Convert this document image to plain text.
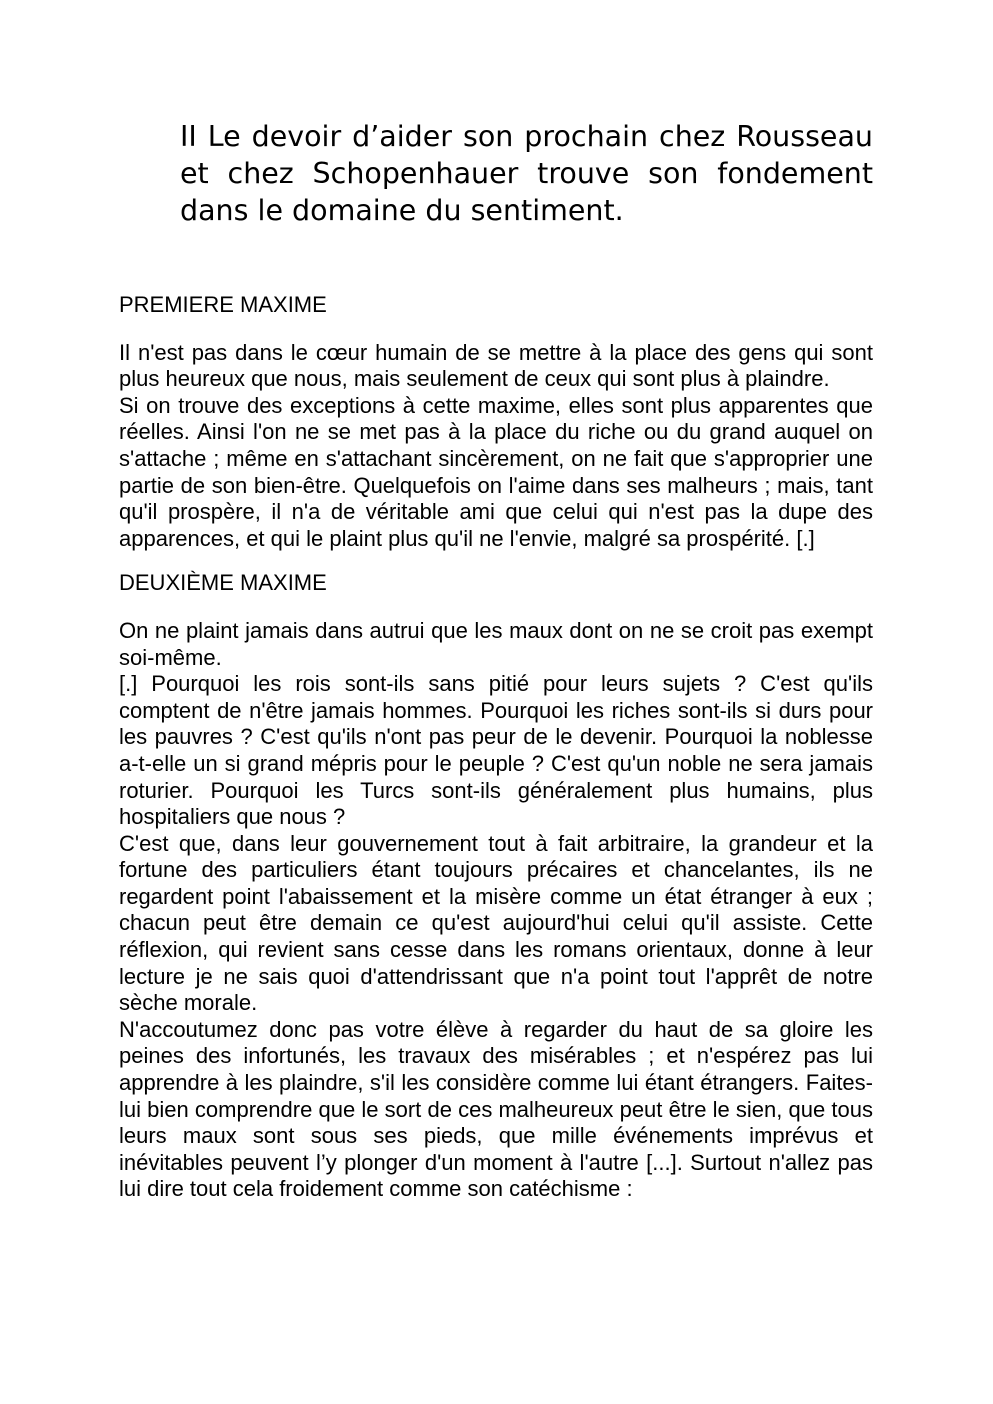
II Le devoir d’aider son prochain chez Rousseau et chez Schopenhauer trouve son fondement dans le domaine du sentiment.
PREMIERE MAXIME

Il n'est pas dans le cœur humain de se mettre à la place des gens qui sont plus heureux que nous, mais seulement de ceux qui sont plus à plaindre.

Si on trouve des exceptions à cette maxime, elles sont plus apparentes que réelles. Ainsi l'on ne se met pas à la place du riche ou du grand auquel on s'attache ; même en s'attachant sincèrement, on ne fait que s'approprier une partie de son bien-être. Quelquefois on l'aime dans ses malheurs ; mais, tant qu'il prospère, il n'a de véritable ami que celui qui n'est pas la dupe des apparences, et qui le plaint plus qu'il ne l'envie, malgré sa prospérité. [.]

DEUXIÈME MAXIME

On ne plaint jamais dans autrui que les maux dont on ne se croit pas exempt soi-même.

[.] Pourquoi les rois sont-ils sans pitié pour leurs sujets ? C'est qu'ils comptent de n'être jamais hommes. Pourquoi les riches sont-ils si durs pour les pauvres ? C'est qu'ils n'ont pas peur de le devenir. Pourquoi la noblesse a-t-elle un si grand mépris pour le peuple ? C'est qu'un noble ne sera jamais roturier. Pourquoi les Turcs sont-ils généralement plus humains, plus hospitaliers que nous ?

C'est que, dans leur gouvernement tout à fait arbitraire, la grandeur et la fortune des particuliers étant toujours précaires et chancelantes, ils ne regardent point l'abaissement et la misère comme un état étranger à eux ; chacun peut être demain ce qu'est aujourd'hui celui qu'il assiste. Cette réflexion, qui revient sans cesse dans les romans orientaux, donne à leur lecture je ne sais quoi d'attendrissant que n'a point tout l'apprêt de notre sèche morale.

N'accoutumez donc pas votre élève à regarder du haut de sa gloire les peines des infortunés, les travaux des misérables ; et n'espérez pas lui apprendre à les plaindre, s'il les considère comme lui étant étrangers. Faites-lui bien comprendre que le sort de ces malheureux peut être le sien, que tous leurs maux sont sous ses pieds, que mille événements imprévus et inévitables peuvent l’y plonger d'un moment à l'autre [...]. Surtout n'allez pas lui dire tout cela froidement comme son catéchisme :
